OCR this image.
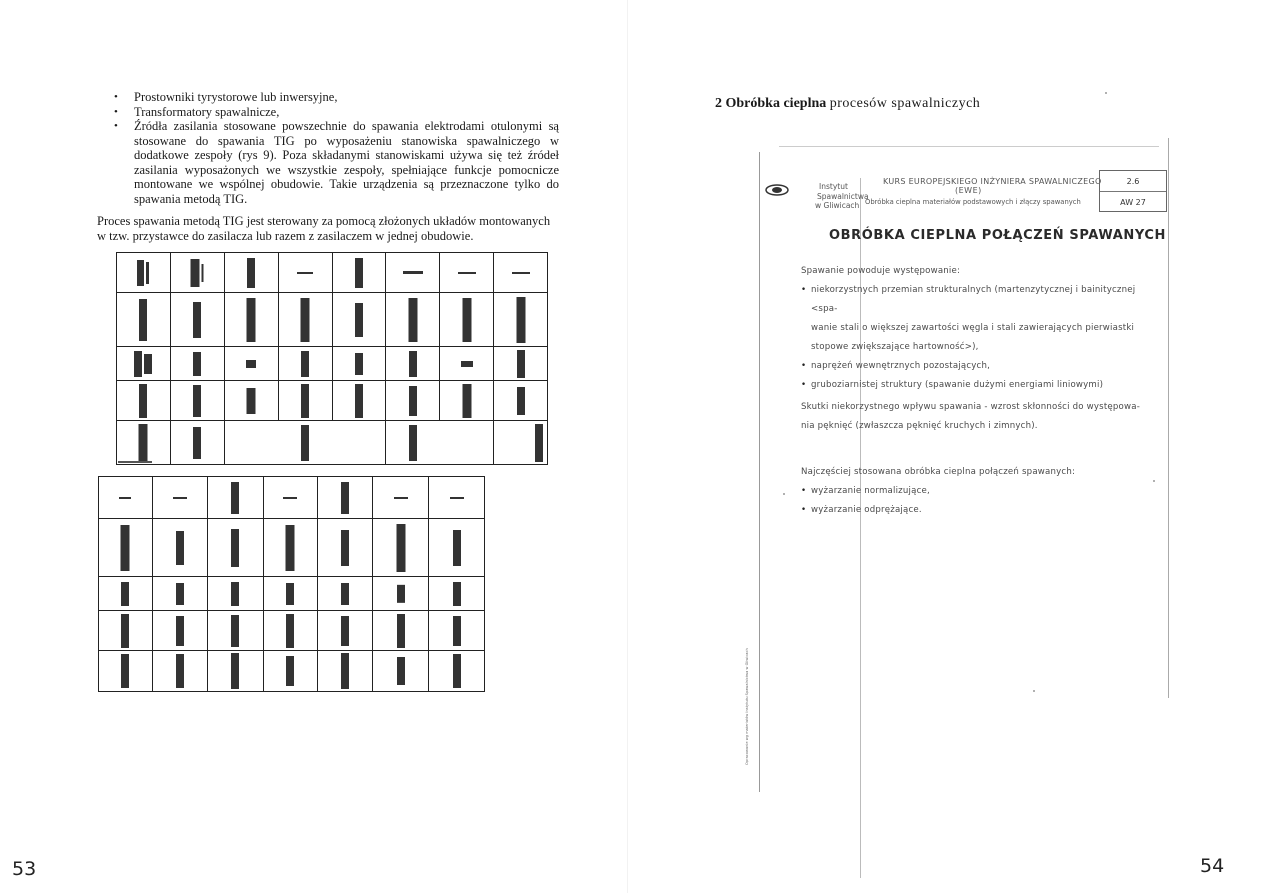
• Prostowniki tyrystorowe lub inwersyjne,
• Transformatory spawalnicze,
• Źródła zasilania stosowane powszechnie do spawania elektrodami otulonymi są stosowane do spawania TIG po wyposażeniu stanowiska spawalniczego w dodatkowe zespoły (rys 9). Poza składanymi stanowiskami używa się też źródeł zasilania wyposażonych we wszystkie zespoły, spełniające funkcje pomocnicze montowane we wspólnej obudowie. Takie urządzenia są przeznaczone tylko do spawania metodą TIG.

Proces spawania metodą TIG jest sterowany za pomocą złożonych układów montowanych w tzw. przystawce do zasilacza lub razem z zasilaczem w jednej obudowie.

53
2 Obróbka cieplna procesów spawalniczych
Instytut
Spawalnictwa
w Gliwicach
KURS EUROPEJSKIEGO INŻYNIERA SPAWALNICZEGO
(EWE)
Obróbka cieplna materiałów podstawowych i złączy spawanych
2.6
AW 27
OBRÓBKA CIEPLNA POŁĄCZEŃ SPAWANYCH
Spawanie powoduje występowanie:
• niekorzystnych przemian strukturalnych (martenzytycznej i bainitycznej <spa-
wanie stali o większej zawartości węgla i stali zawierających pierwiastki
stopowe zwiększające hartowność>),
• naprężeń wewnętrznych pozostających,
• gruboziarnistej struktury (spawanie dużymi energiami liniowymi)
Skutki niekorzystnego wpływu spawania - wzrost skłonności do występowa-
nia pęknięć (zwłaszcza pęknięć kruchych i zimnych).
Najczęściej stosowana obróbka cieplna połączeń spawanych:
• wyżarzanie normalizujące,
• wyżarzanie odprężające.
Opracowanie wg materiałów Instytutu Spawalnictwa w Gliwicach
54
